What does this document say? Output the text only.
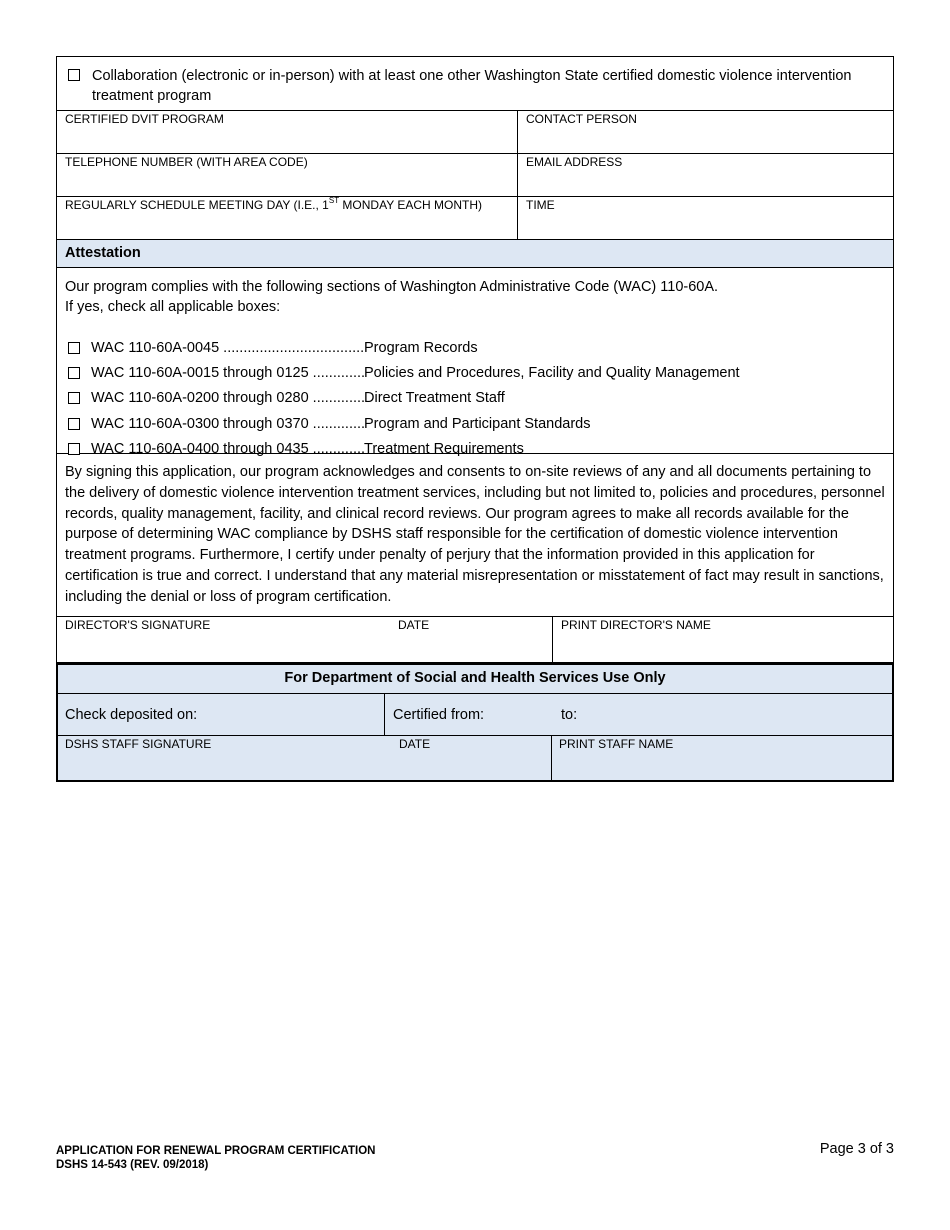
Collaboration (electronic or in-person) with at least one other Washington State certified domestic violence intervention treatment program
CERTIFIED DVIT PROGRAM	CONTACT PERSON
TELEPHONE NUMBER (WITH AREA CODE)	EMAIL ADDRESS
REGULARLY SCHEDULE MEETING DAY (I.E., 1ST MONDAY EACH MONTH)	TIME
Attestation
Our program complies with the following sections of Washington Administrative Code (WAC) 110-60A.
If yes, check all applicable boxes:
WAC 110-60A-0045 .....	Program Records
WAC 110-60A-0015 through 0125 .....	Policies and Procedures, Facility and Quality Management
WAC 110-60A-0200 through 0280 .....	Direct Treatment Staff
WAC 110-60A-0300 through 0370 .....	Program and Participant Standards
WAC 110-60A-0400 through 0435 .....	Treatment Requirements
By signing this application, our program acknowledges and consents to on-site reviews of any and all documents pertaining to the delivery of domestic violence intervention treatment services, including but not limited to, policies and procedures, personnel records, quality management, facility, and clinical record reviews. Our program agrees to make all records available for the purpose of determining WAC compliance by DSHS staff responsible for the certification of domestic violence intervention treatment programs. Furthermore, I certify under penalty of perjury that the information provided in this application for certification is true and correct. I understand that any material misrepresentation or misstatement of fact may result in sanctions, including the denial or loss of program certification.
DIRECTOR'S SIGNATURE	DATE	PRINT DIRECTOR'S NAME
For Department of Social and Health Services Use Only
Check deposited on:	Certified from:	to:
DSHS STAFF SIGNATURE	DATE	PRINT STAFF NAME
APPLICATION FOR RENEWAL PROGRAM CERTIFICATION
DSHS 14-543 (REV. 09/2018)
Page 3 of 3
